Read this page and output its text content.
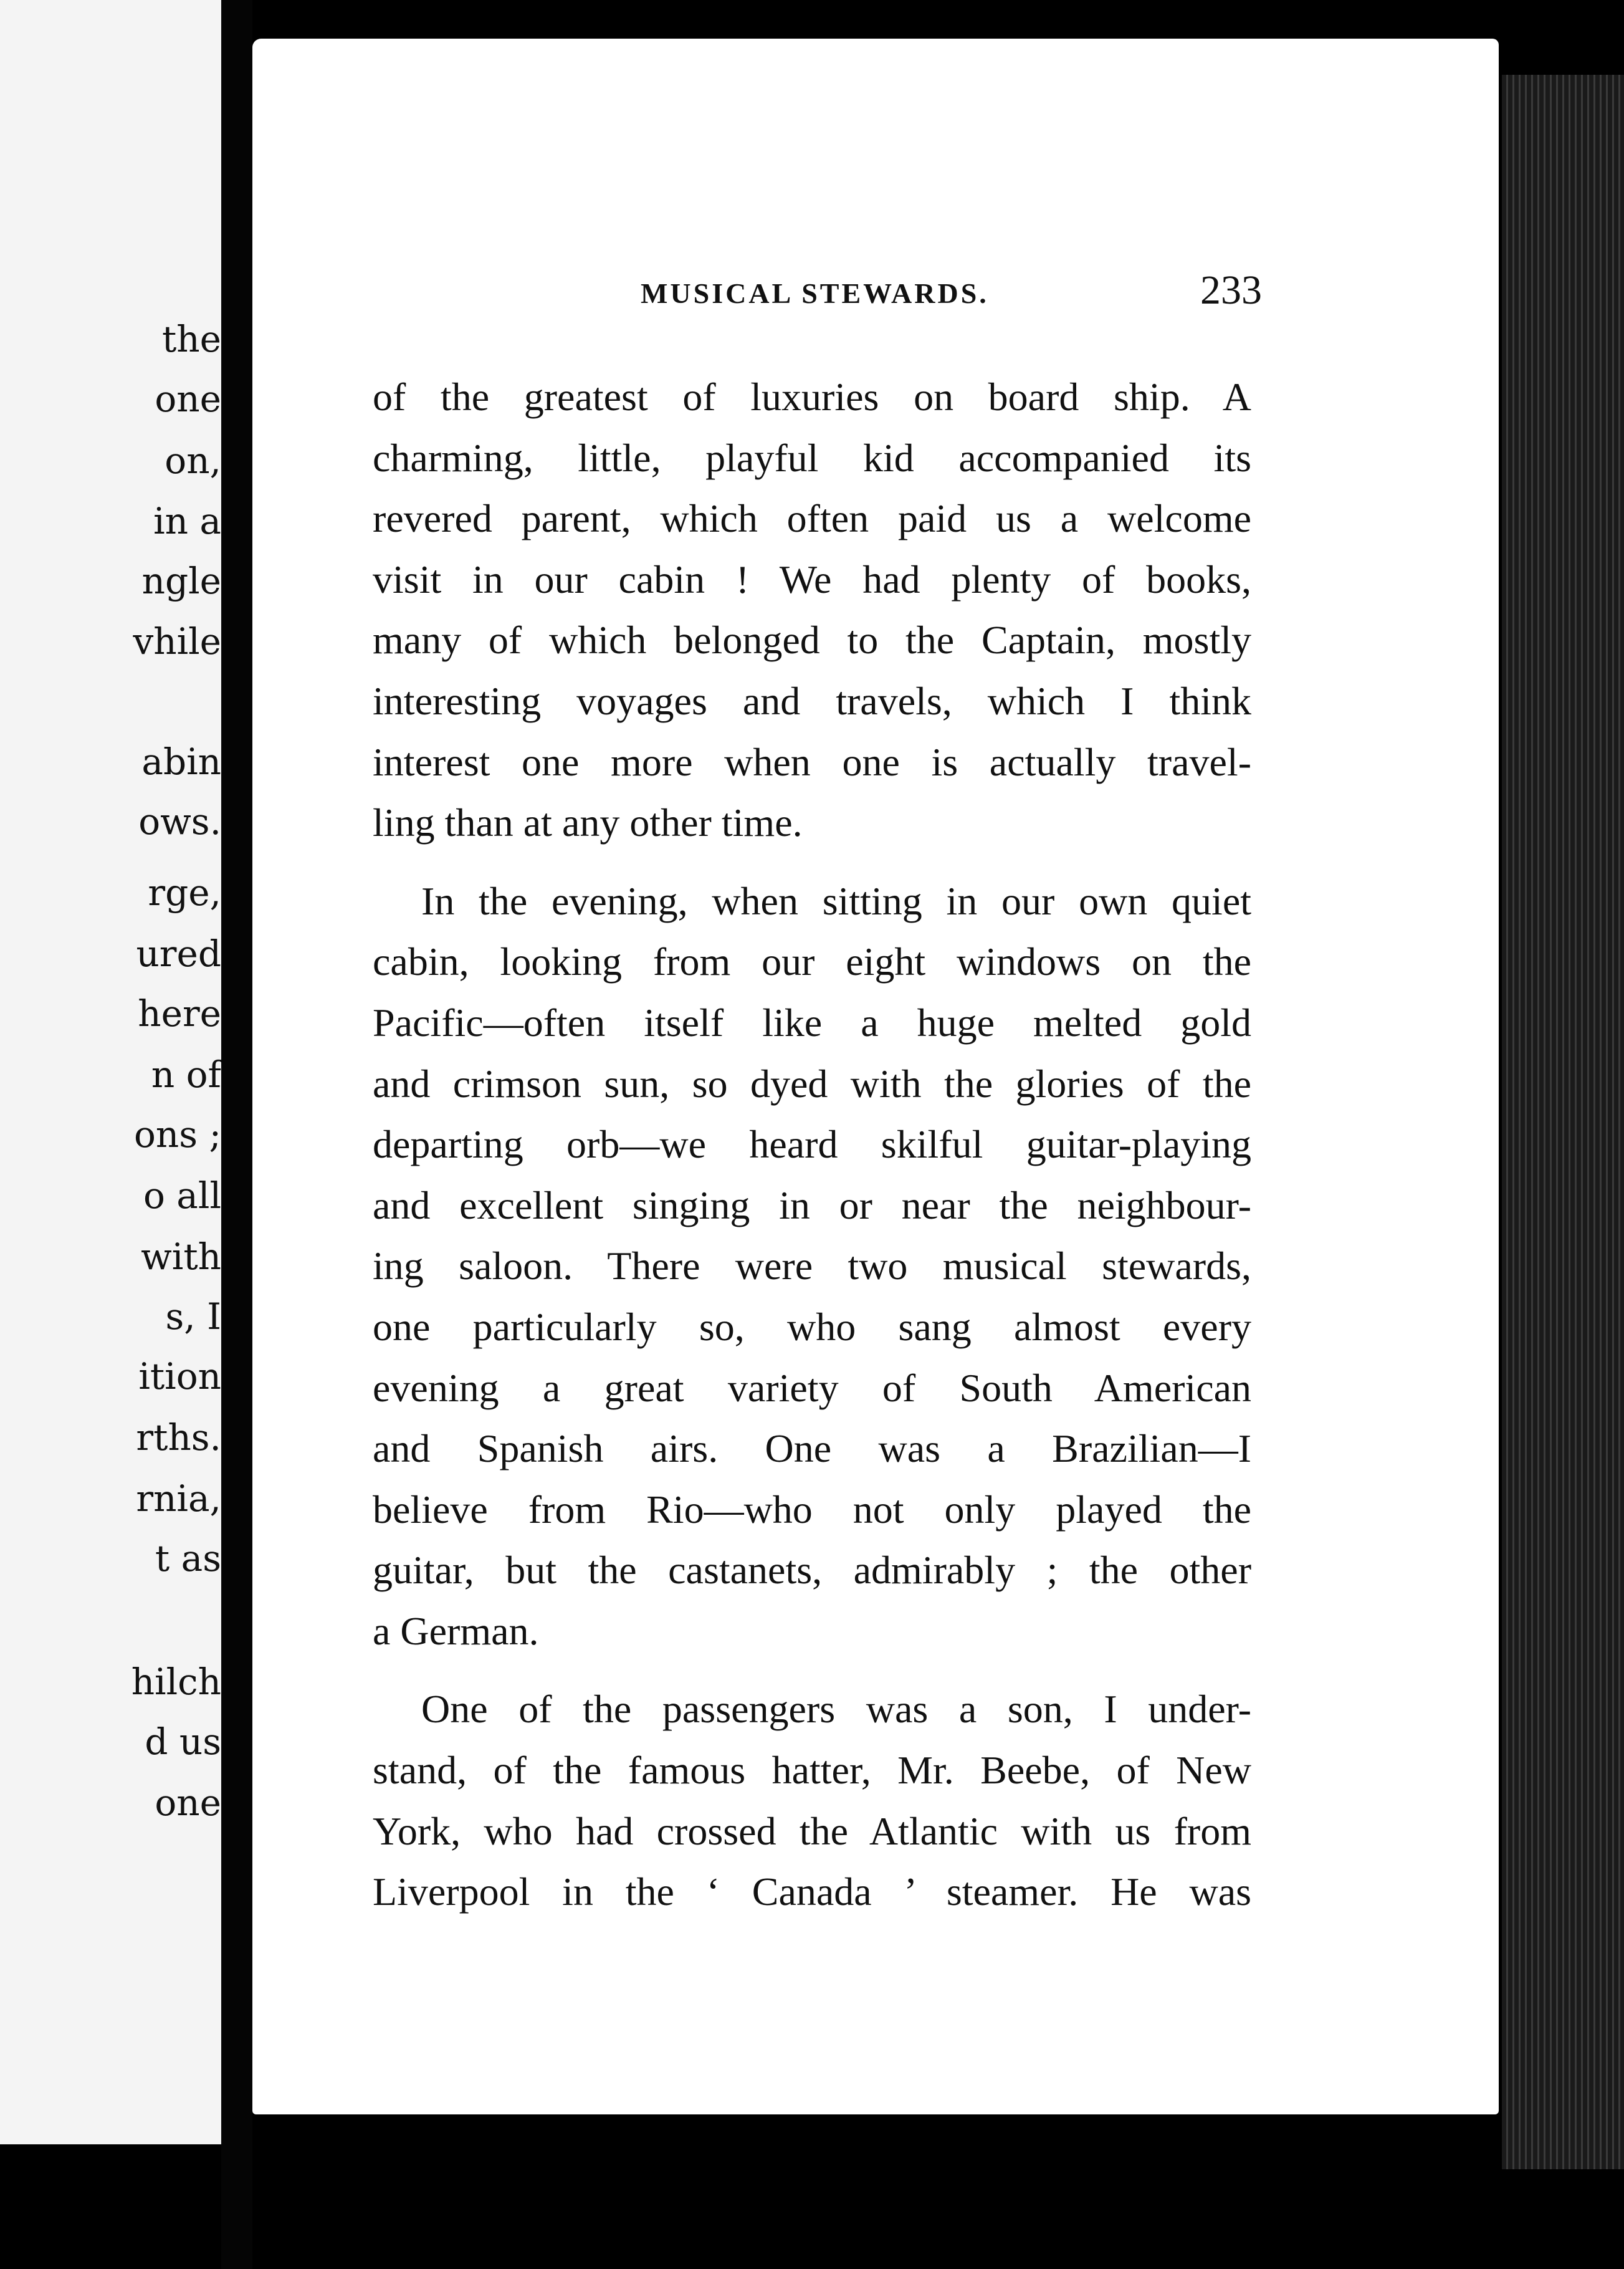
the
one
on,
in a
ngle
vhile
abin
ows.
rge,
ured
here
n of
ons ;
o all
with
s, I
ition
rths.
rnia,
t as
hilch
d us
one
MUSICAL STEWARDS.	233
of the greatest of luxuries on board ship. A
charming, little, playful kid accompanied its
revered parent, which often paid us a welcome
visit in our cabin ! We had plenty of books,
many of which belonged to the Captain, mostly
interesting voyages and travels, which I think
interest one more when one is actually travel-
ling than at any other time.
In the evening, when sitting in our own quiet
cabin, looking from our eight windows on the
Pacific—often itself like a huge melted gold
and crimson sun, so dyed with the glories of the
departing orb—we heard skilful guitar-playing
and excellent singing in or near the neighbour-
ing saloon. There were two musical stewards,
one particularly so, who sang almost every
evening a great variety of South American
and Spanish airs. One was a Brazilian—I
believe from Rio—who not only played the
guitar, but the castanets, admirably ; the other
a German.
One of the passengers was a son, I under-
stand, of the famous hatter, Mr. Beebe, of New
York, who had crossed the Atlantic with us from
Liverpool in the ‘ Canada ’ steamer. He was
